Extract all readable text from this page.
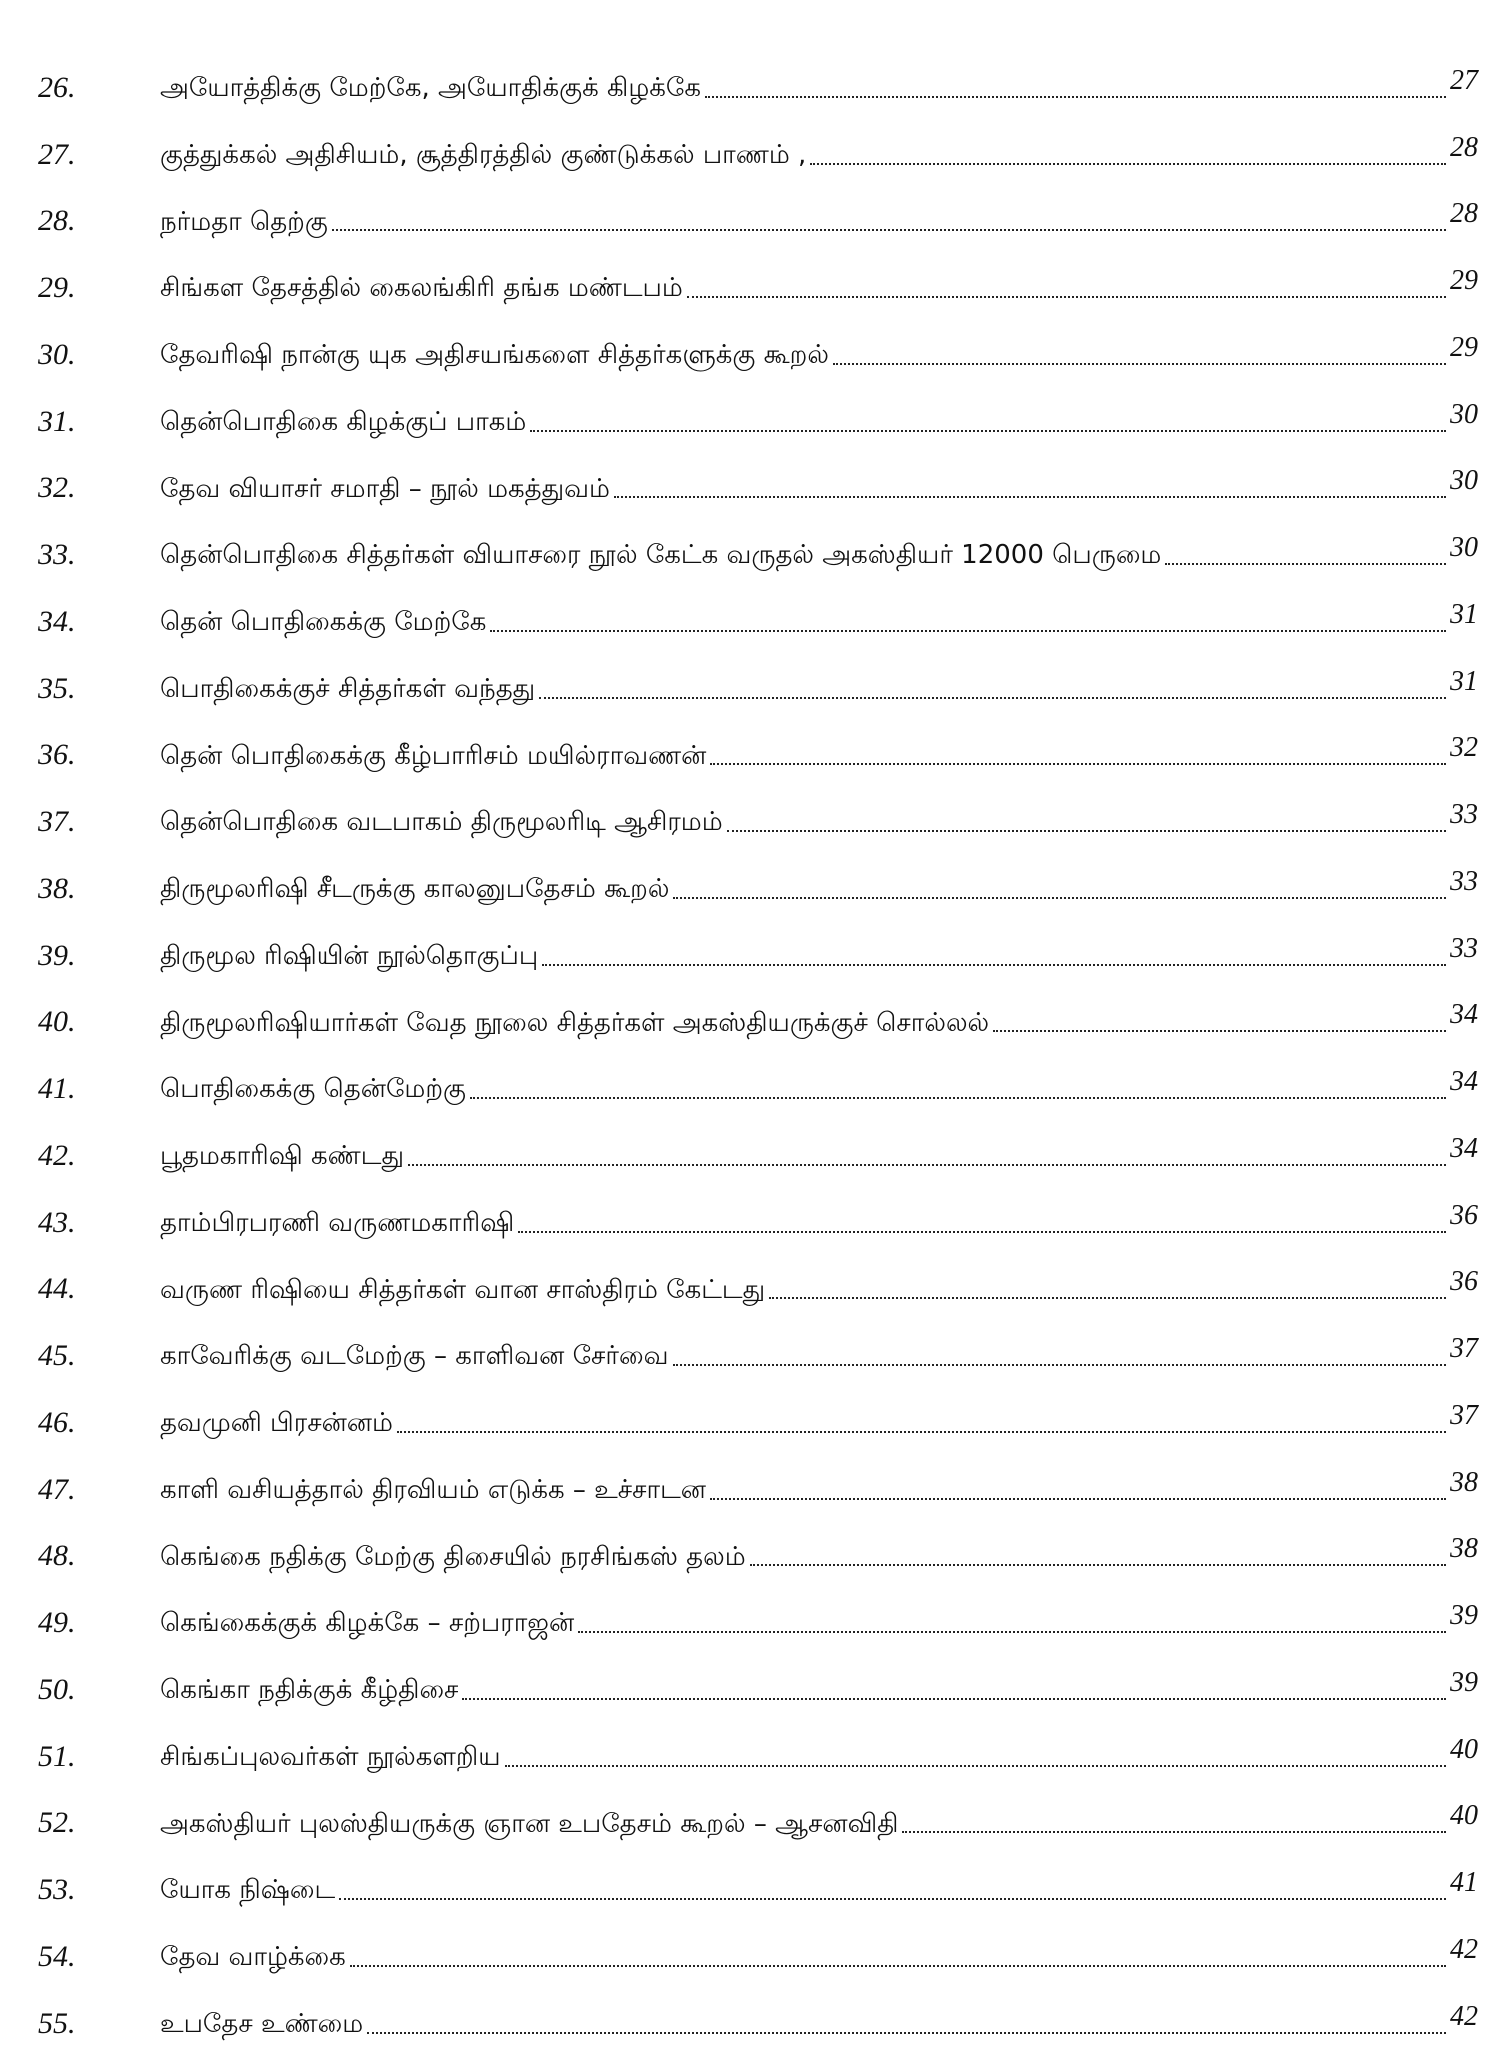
26.	அயோத்திக்கு மேற்கே, அயோதிக்குக் கிழக்கே	27
27.	குத்துக்கல் அதிசியம், சூத்திரத்தில் குண்டுக்கல் பாணம் ,	28
28.	நர்மதா தெற்கு	28
29.	சிங்கள தேசத்தில் கைலங்கிரி தங்க மண்டபம்	29
30.	தேவரிஷி நான்கு யுக அதிசயங்களை சித்தர்களுக்கு கூறல்	29
31.	தென்பொதிகை கிழக்குப் பாகம்	30
32.	தேவ வியாசர் சமாதி – நூல் மகத்துவம்	30
33.	தென்பொதிகை சித்தர்கள் வியாசரை நூல் கேட்க வருதல் அகஸ்தியர் 12000 பெருமை	30
34.	தென் பொதிகைக்கு மேற்கே	31
35.	பொதிகைக்குச் சித்தர்கள் வந்தது	31
36.	தென் பொதிகைக்கு கீழ்பாரிசம் மயில்ராவணன்	32
37.	தென்பொதிகை வடபாகம் திருமூலரிடி ஆசிரமம்	33
38.	திருமூலரிஷி சீடருக்கு காலனுபதேசம் கூறல்	33
39.	திருமூல ரிஷியின் நூல்தொகுப்பு	33
40.	திருமூலரிஷியார்கள் வேத நூலை சித்தர்கள் அகஸ்தியருக்குச் சொல்லல்	34
41.	பொதிகைக்கு தென்மேற்கு	34
42.	பூதமகாரிஷி கண்டது	34
43.	தாம்பிரபரணி வருணமகாரிஷி	36
44.	வருண ரிஷியை சித்தர்கள் வான சாஸ்திரம் கேட்டது	36
45.	காவேரிக்கு வடமேற்கு – காளிவன சேர்வை	37
46.	தவமுனி பிரசன்னம்	37
47.	காளி வசியத்தால் திரவியம் எடுக்க – உச்சாடன	38
48.	கெங்கை நதிக்கு மேற்கு திசையில் நரசிங்கஸ் தலம்	38
49.	கெங்கைக்குக் கிழக்கே – சற்பராஜன்	39
50.	கெங்கா நதிக்குக் கீழ்திசை	39
51.	சிங்கப்புலவர்கள் நூல்களறிய	40
52.	அகஸ்தியர் புலஸ்தியருக்கு ஞான உபதேசம் கூறல் – ஆசனவிதி	40
53.	யோக நிஷ்டை	41
54.	தேவ வாழ்க்கை	42
55.	உபதேச உண்மை	42
